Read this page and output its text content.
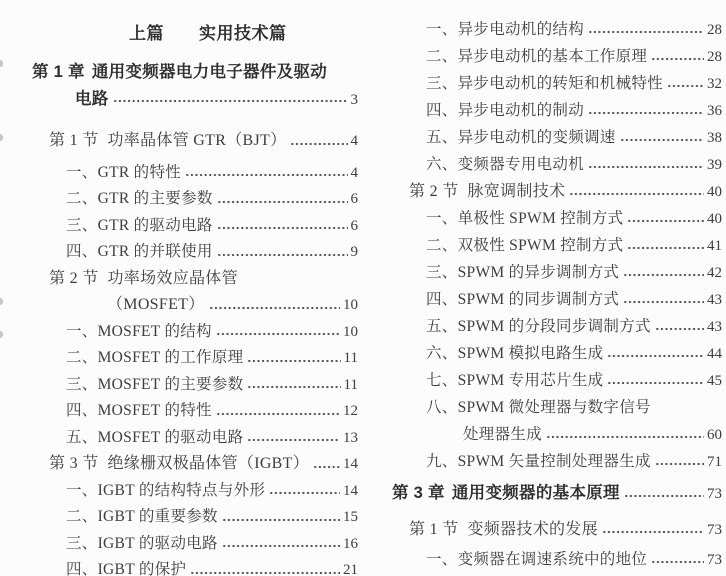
上篇　　实用技术篇
第 1 章 通用变频器电力电子器件及驱动
电路	3
第 1 节 功率晶体管 GTR（BJT）	4
一、GTR 的特性	4
二、GTR 的主要参数	6
三、GTR 的驱动电路	6
四、GTR 的并联使用	9
第 2 节 功率场效应晶体管
（MOSFET）	10
一、MOSFET 的结构	10
二、MOSFET 的工作原理	11
三、MOSFET 的主要参数	11
四、MOSFET 的特性	12
五、MOSFET 的驱动电路	13
第 3 节 绝缘栅双极晶体管（IGBT） 14
一、IGBT 的结构特点与外形	14
二、IGBT 的重要参数	15
三、IGBT 的驱动电路	16
四、IGBT 的保护	21
一、异步电动机的结构	28
二、异步电动机的基本工作原理	28
三、异步电动机的转矩和机械特性	32
四、异步电动机的制动	36
五、异步电动机的变频调速	38
六、变频器专用电动机	39
第 2 节 脉宽调制技术	40
一、单极性 SPWM 控制方式	40
二、双极性 SPWM 控制方式	41
三、SPWM 的异步调制方式	42
四、SPWM 的同步调制方式	43
五、SPWM 的分段同步调制方式	43
六、SPWM 模拟电路生成	44
七、SPWM 专用芯片生成	45
八、SPWM 微处理器与数字信号
处理器生成	60
九、SPWM 矢量控制处理器生成	71
第 3 章 通用变频器的基本原理	73
第 1 节 变频器技术的发展	73
一、变频器在调速系统中的地位	73
